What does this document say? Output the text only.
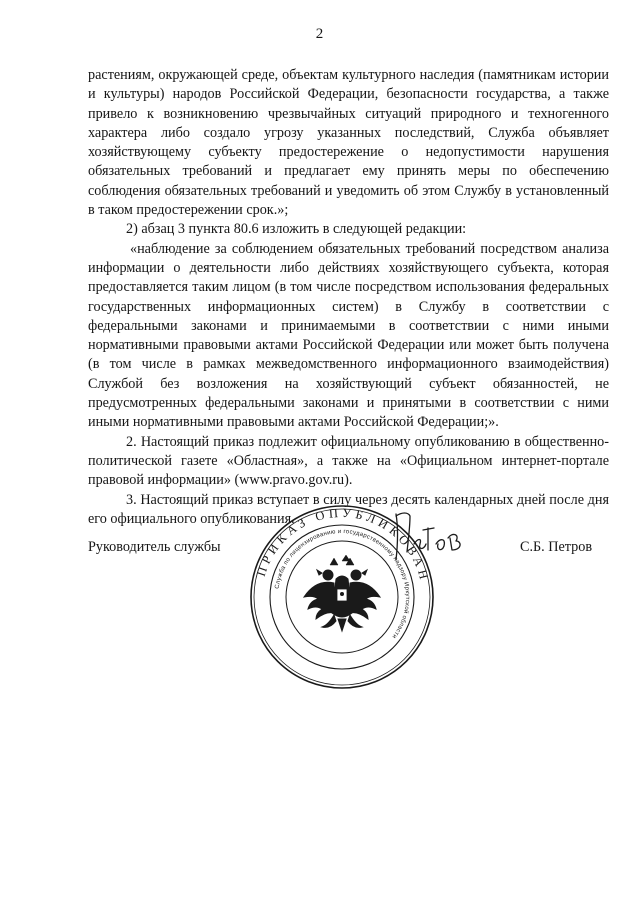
2

растениям, окружающей среде, объектам культурного наследия (памятникам истории и культуры) народов Российской Федерации, безопасности государства, а также привело к возникновению чрезвычайных ситуаций природного и техногенного характера либо создало угрозу указанных последствий, Служба объявляет хозяйствующему субъекту предостережение о недопустимости нарушения обязательных требований и предлагает ему принять меры по обеспечению соблюдения обязательных требований и уведомить об этом Службу в установленный в таком предостережении срок.»;

2) абзац 3 пункта 80.6 изложить в следующей редакции:

«наблюдение за соблюдением обязательных требований посредством анализа информации о деятельности либо действиях хозяйствующего субъекта, которая предоставляется таким лицом (в том числе посредством использования федеральных государственных информационных систем) в Службу в соответствии с федеральными законами и принимаемыми в соответствии с ними иными нормативными правовыми актами Российской Федерации или может быть получена (в том числе в рамках межведомственного информационного взаимодействия) Службой без возложения на хозяйствующий субъект обязанностей, не предусмотренных федеральными законами и принятыми в соответствии с ними иными нормативными правовыми актами Российской Федерации;».

2. Настоящий приказ подлежит официальному опубликованию в общественно-политической газете «Областная», а также на «Официальном интернет-портале правовой информации» (www.pravo.gov.ru).

3. Настоящий приказ вступает в силу через десять календарных дней после дня его официального опубликования.

Руководитель службы	С.Б. Петров
ПРИКАЗ ОПУБЛИКОВАН
Служба по лицензированию и государственному надзору Иркутской области
